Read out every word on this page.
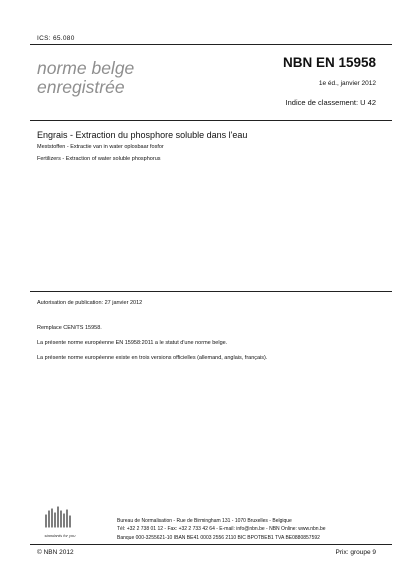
ICS: 65.080
norme belge
enregistrée
NBN EN 15958
1e éd., janvier 2012
Indice de classement: U 42
Engrais - Extraction du phosphore soluble dans l'eau
Meststoffen - Extractie van in water oplosbaar fosfor
Fertilizers - Extraction of water soluble phosphorus
Autorisation de publication: 27 janvier 2012
Remplace CEN/TS 15958.
La présente norme européenne EN 15958:2011 a le statut d'une norme belge.
La présente norme européenne existe en trois versions officielles (allemand, anglais, français).
standards for you
Bureau de Normalisation - Rue de Birmingham 131 - 1070 Bruxelles - Belgique
Tél: +32 2 738 01 12 - Fax: +32 2 733 42 64 - E-mail: info@nbn.be - NBN Online: www.nbn.be
Banque 000-3255621-10 IBAN BE41 0003 2556 2110 BIC BPOTBEB1 TVA BE0880857592
© NBN 2012	Prix: groupe 9
